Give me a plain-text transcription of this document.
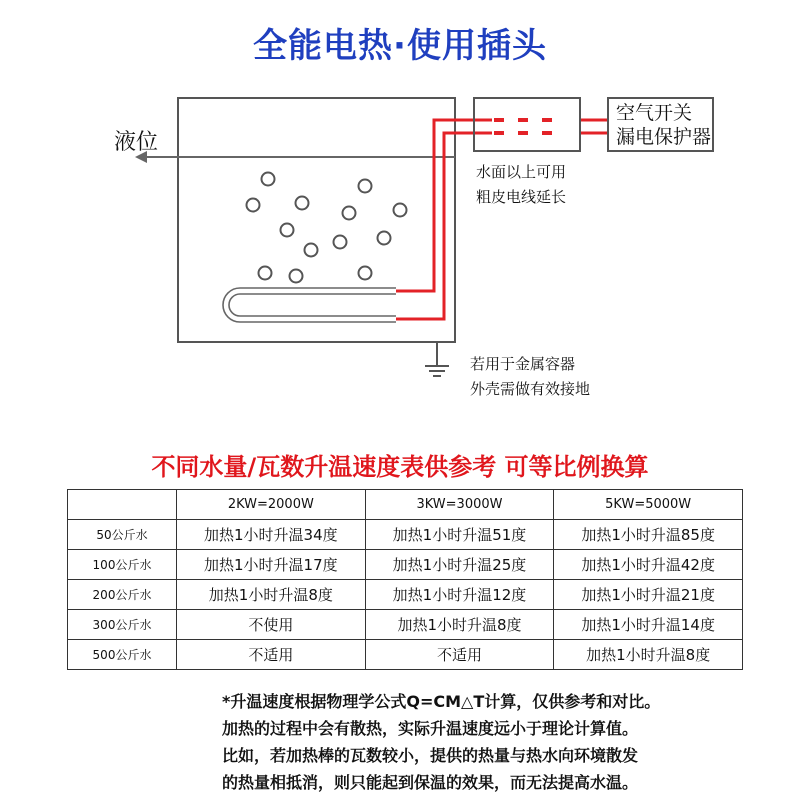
全能电热·使用插头
液位
空气开关
漏电保护器
水面以上可用
粗皮电线延长
若用于金属容器
外壳需做有效接地
不同水量/瓦数升温速度表供参考 可等比例换算
	2KW=2000W	3KW=3000W	5KW=5000W
50公斤水	加热1小时升温34度	加热1小时升温51度	加热1小时升温85度
100公斤水	加热1小时升温17度	加热1小时升温25度	加热1小时升温42度
200公斤水	加热1小时升温8度	加热1小时升温12度	加热1小时升温21度
300公斤水	不使用	加热1小时升温8度	加热1小时升温14度
500公斤水	不适用	不适用	加热1小时升温8度
*升温速度根据物理学公式Q=CM△T计算，仅供参考和对比。
加热的过程中会有散热，实际升温速度远小于理论计算值。
比如，若加热棒的瓦数较小，提供的热量与热水向环境散发
的热量相抵消，则只能起到保温的效果，而无法提高水温。
